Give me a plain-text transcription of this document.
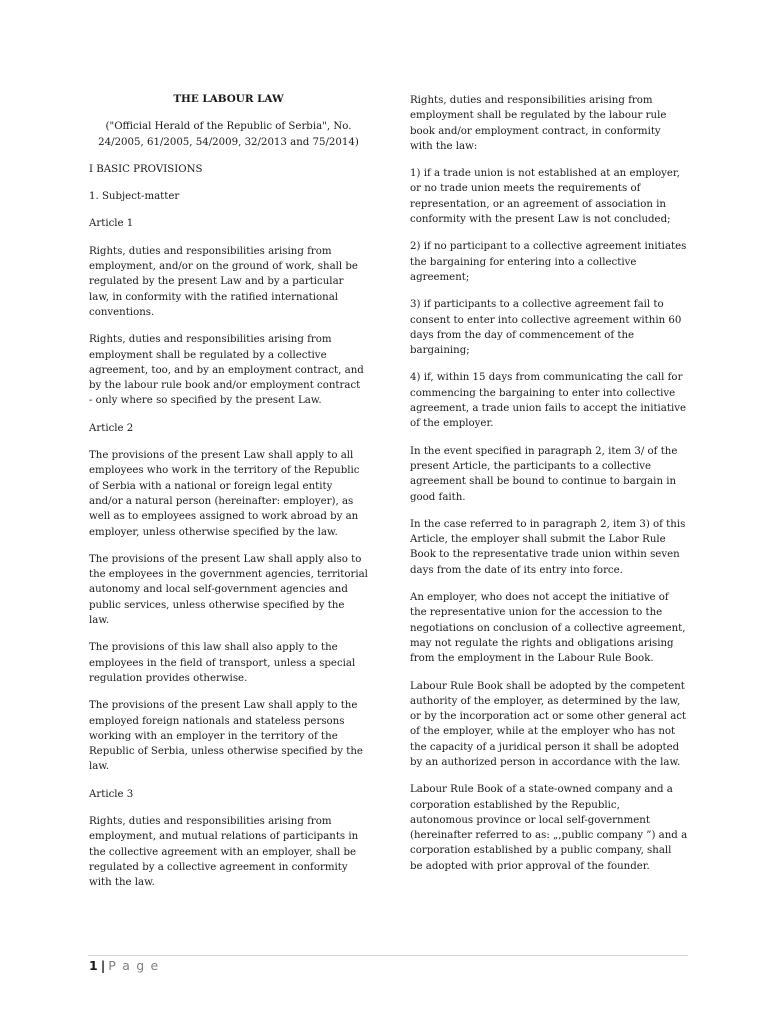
THE LABOUR LAW

("Official Herald of the Republic of Serbia", No.
24/2005, 61/2005, 54/2009, 32/2013 and 75/2014)

I BASIC PROVISIONS

1. Subject-matter

Article 1

Rights, duties and responsibilities arising from
employment, and/or on the ground of work, shall be
regulated by the present Law and by a particular
law, in conformity with the ratified international
conventions.

Rights, duties and responsibilities arising from
employment shall be regulated by a collective
agreement, too, and by an employment contract, and
by the labour rule book and/or employment contract
- only where so specified by the present Law.

Article 2

The provisions of the present Law shall apply to all
employees who work in the territory of the Republic
of Serbia with a national or foreign legal entity
and/or a natural person (hereinafter: employer), as
well as to employees assigned to work abroad by an
employer, unless otherwise specified by the law.

The provisions of the present Law shall apply also to
the employees in the government agencies, territorial
autonomy and local self-government agencies and
public services, unless otherwise specified by the
law.

The provisions of this law shall also apply to the
employees in the field of transport, unless a special
regulation provides otherwise.

The provisions of the present Law shall apply to the
employed foreign nationals and stateless persons
working with an employer in the territory of the
Republic of Serbia, unless otherwise specified by the
law.

Article 3

Rights, duties and responsibilities arising from
employment, and mutual relations of participants in
the collective agreement with an employer, shall be
regulated by a collective agreement in conformity
with the law.

Rights, duties and responsibilities arising from
employment shall be regulated by the labour rule
book and/or employment contract, in conformity
with the law:

1) if a trade union is not established at an employer,
or no trade union meets the requirements of
representation, or an agreement of association in
conformity with the present Law is not concluded;

2) if no participant to a collective agreement initiates
the bargaining for entering into a collective
agreement;

3) if participants to a collective agreement fail to
consent to enter into collective agreement within 60
days from the day of commencement of the
bargaining;

4) if, within 15 days from communicating the call for
commencing the bargaining to enter into collective
agreement, a trade union fails to accept the initiative
of the employer.

In the event specified in paragraph 2, item 3/ of the
present Article, the participants to a collective
agreement shall be bound to continue to bargain in
good faith.

In the case referred to in paragraph 2, item 3) of this
Article, the employer shall submit the Labor Rule
Book to the representative trade union within seven
days from the date of its entry into force.

An employer, who does not accept the initiative of
the representative union for the accession to the
negotiations on conclusion of a collective agreement,
may not regulate the rights and obligations arising
from the employment in the Labour Rule Book.

Labour Rule Book shall be adopted by the competent
authority of the employer, as determined by the law,
or by the incorporation act or some other general act
of the employer, while at the employer who has not
the capacity of a juridical person it shall be adopted
by an authorized person in accordance with the law.

Labour Rule Book of a state-owned company and a
corporation established by the Republic,
autonomous province or local self-government
(hereinafter referred to as: „,public company ”) and a
corporation established by a public company, shall
be adopted with prior approval of the founder.

1 | P a g e
